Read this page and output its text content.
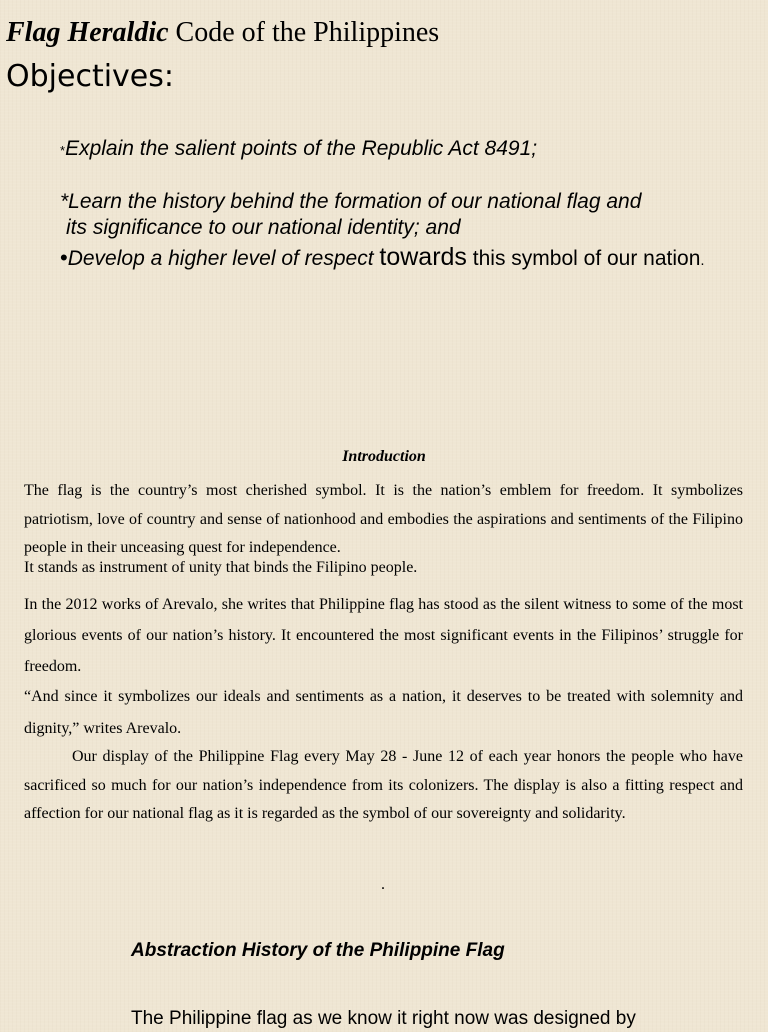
Flag Heraldic Code of the Philippines
Objectives:
*Explain the salient points of the Republic Act 8491;
*Learn the history behind the formation of our national flag and
its significance to our national identity; and
•Develop a higher level of respect towards this symbol of our nation.
Introduction
The flag is the country’s most cherished symbol. It is the nation’s emblem for freedom. It symbolizes patriotism, love of country and sense of nationhood and embodies the aspirations and sentiments of the Filipino people in their unceasing quest for independence.
It stands as instrument of unity that binds the Filipino people.
In the 2012 works of Arevalo, she writes that Philippine flag has stood as the silent witness to some of the most glorious events of our nation’s history. It encountered the most significant events in the Filipinos’ struggle for freedom.
“And since it symbolizes our ideals and sentiments as a nation, it deserves to be treated with solemnity and dignity,” writes Arevalo.
Our display of the Philippine Flag every May 28 - June 12 of each year honors the people who have sacrificed so much for our nation’s independence from its colonizers. The display is also a fitting respect and affection for our national flag as it is regarded as the symbol of our sovereignty and solidarity.
.
Abstraction History of the Philippine Flag
The Philippine flag as we know it right now was designed by
